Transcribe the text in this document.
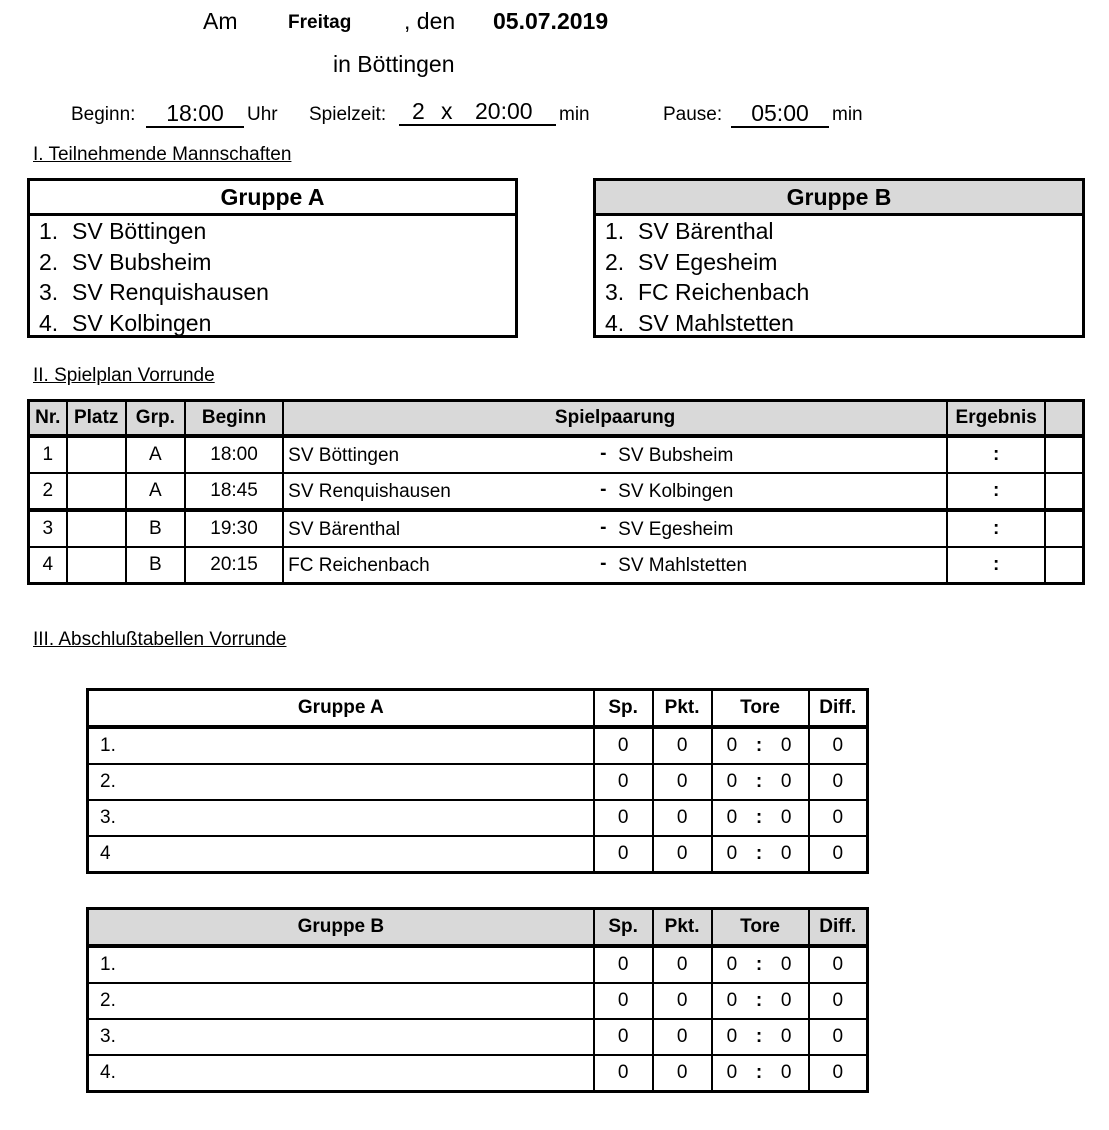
Am	Freitag , den 05.07.2019
in Böttingen
Beginn:	18:00	Uhr Spielzeit: 2 x 20:00
min	Pause:	05:00	min
I. Teilnehmende Mannschaften
Gruppe A
1. SV Böttingen
2. SV Bubsheim
3. SV Renquishausen
4. SV Kolbingen
Gruppe B
1. SV Bärenthal
2. SV Egesheim
3. FC Reichenbach
4. SV Mahlstetten
II. Spielplan Vorrunde
Nr.	Platz	Grp.	Beginn	Spielpaarung	Ergebnis	
1		A	18:00	SV Böttingen - SV Bubsheim	:	
2		A	18:45	SV Renquishausen - SV Kolbingen	:	
3		B	19:30	SV Bärenthal - SV Egesheim	:	
4		B	20:15	FC Reichenbach - SV Mahlstetten	:	
III. Abschlußtabellen Vorrunde
Gruppe A	Sp.	Pkt.	Tore	Diff.
1.	0	0	0 : 0	0
2.	0	0	0 : 0	0
3.	0	0	0 : 0	0
4	0	0	0 : 0	0
Gruppe B	Sp.	Pkt.	Tore	Diff.
1.	0	0	0 : 0	0
2.	0	0	0 : 0	0
3.	0	0	0 : 0	0
4.	0	0	0 : 0	0
